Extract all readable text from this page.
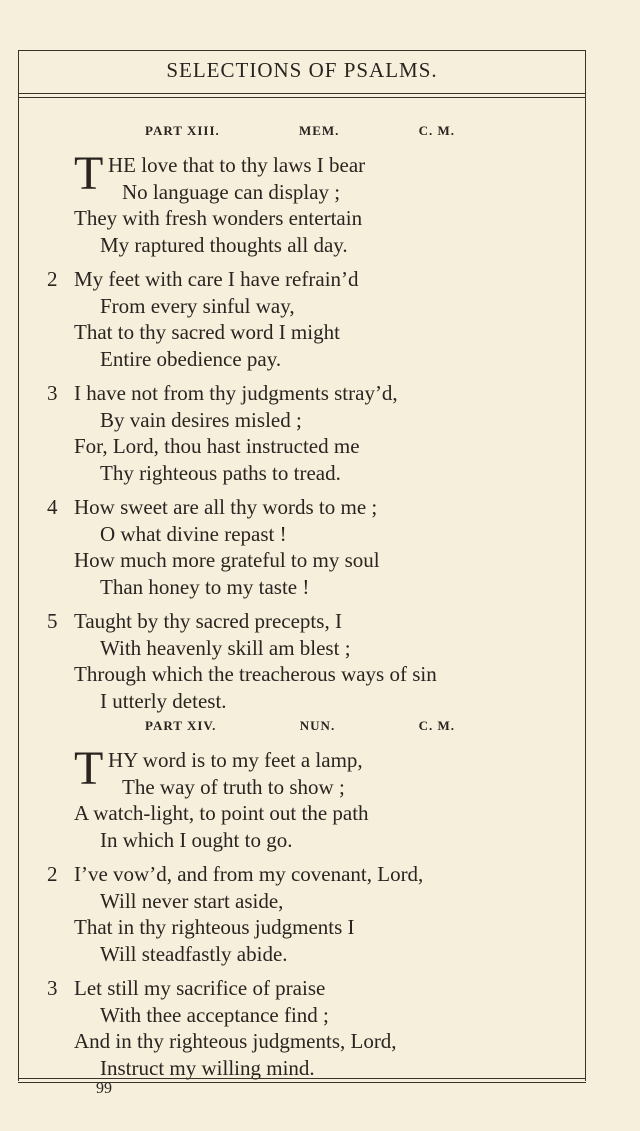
SELECTIONS OF PSALMS.
PART XIII.	MEM.	C. M.
T HE love that to thy laws I bear
No language can display ;
They with fresh wonders entertain
My raptured thoughts all day.
2 My feet with care I have refrain’d
From every sinful way,
That to thy sacred word I might
Entire obedience pay.
3 I have not from thy judgments stray’d,
By vain desires misled ;
For, Lord, thou hast instructed me
Thy righteous paths to tread.
4 How sweet are all thy words to me ;
O what divine repast !
How much more grateful to my soul
Than honey to my taste !
5 Taught by thy sacred precepts, I
With heavenly skill am blest ;
Through which the treacherous ways of sin
I utterly detest.
PART XIV.	NUN.	C. M.
T HY word is to my feet a lamp,
The way of truth to show ;
A watch-light, to point out the path
In which I ought to go.
2 I’ve vow’d, and from my covenant, Lord,
Will never start aside,
That in thy righteous judgments I
Will steadfastly abide.
3 Let still my sacrifice of praise
With thee acceptance find ;
And in thy righteous judgments, Lord,
Instruct my willing mind.
99
